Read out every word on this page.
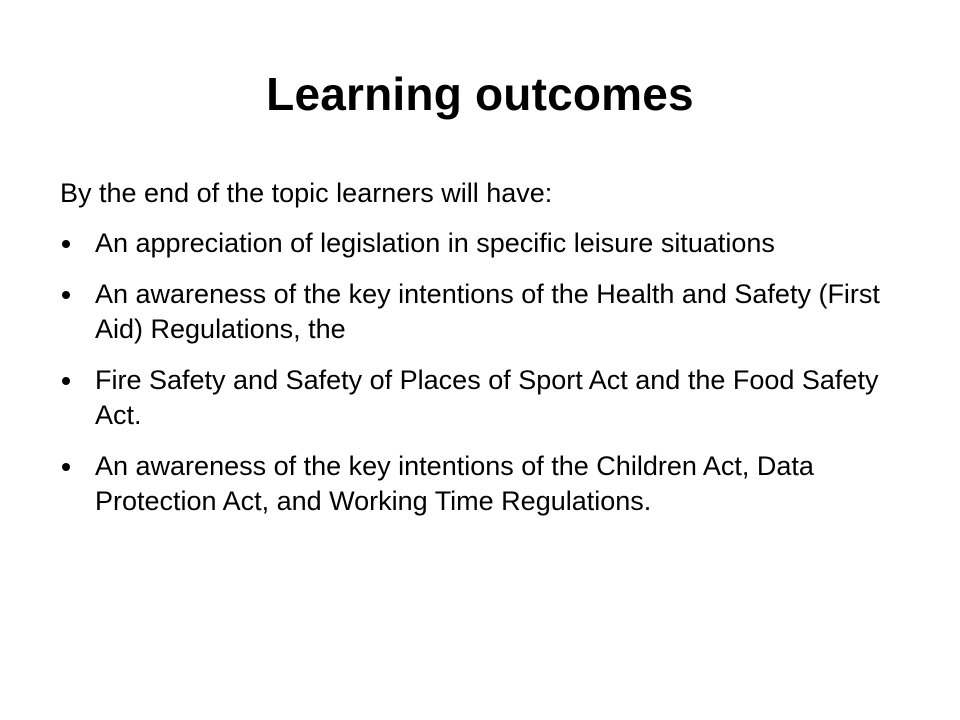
Learning outcomes
By the end of the topic learners will have:
An appreciation of legislation in specific leisure situations
An awareness of the key intentions of the Health and Safety (First Aid) Regulations, the
Fire Safety and Safety of Places of Sport Act and the Food Safety Act.
An awareness of the key intentions of the Children Act, Data Protection Act, and Working Time Regulations.
